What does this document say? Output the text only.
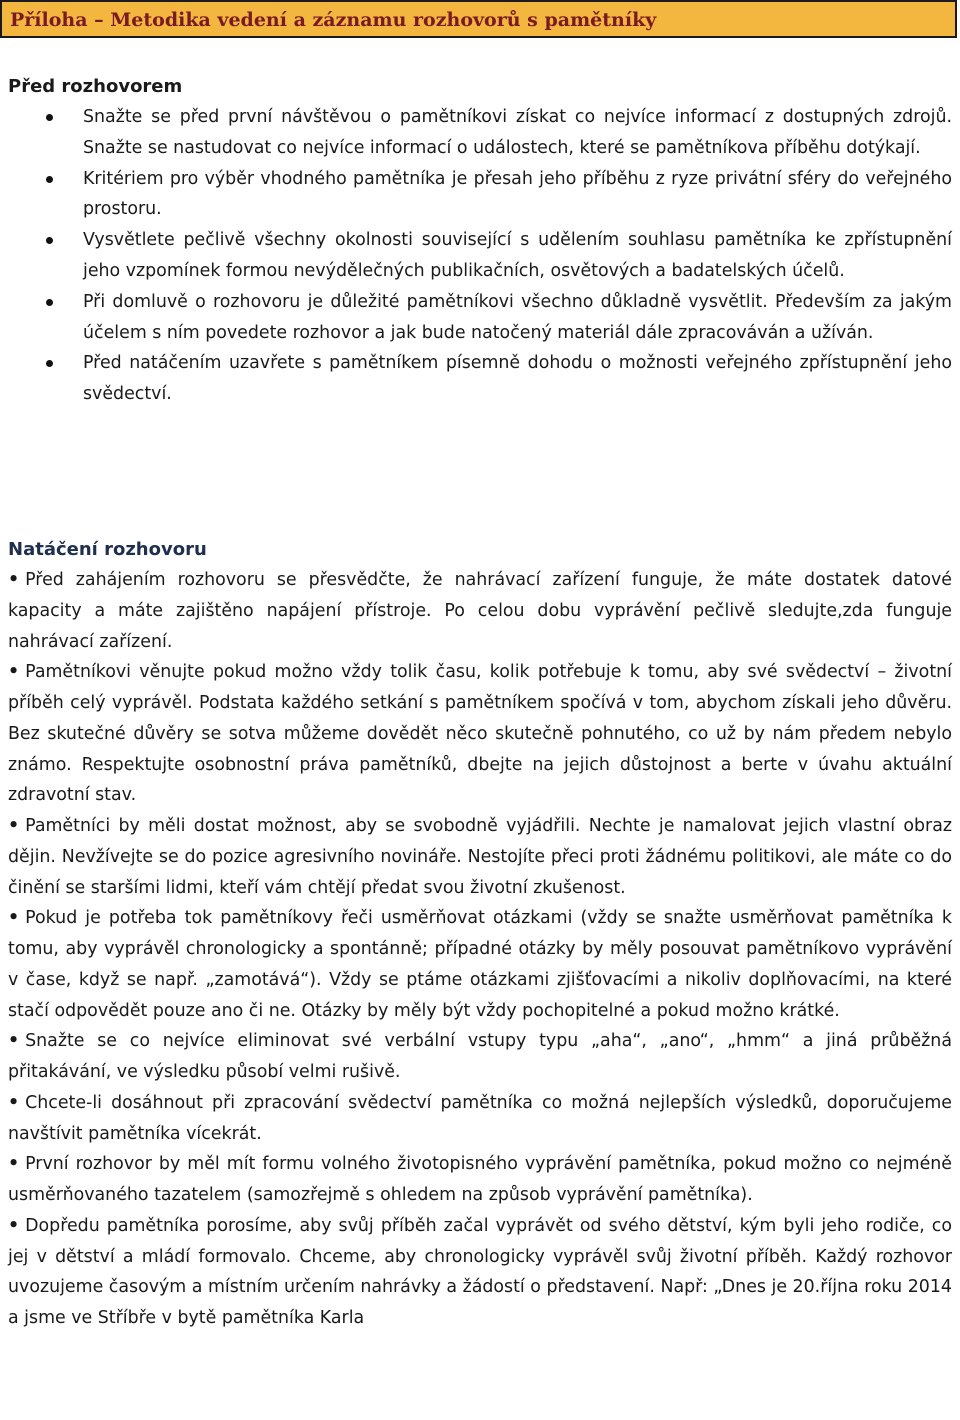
Příloha – Metodika vedení a záznamu rozhovorů s pamětníky
Před rozhovorem
Snažte se před první návštěvou o pamětníkovi získat co nejvíce informací z dostupných zdrojů. Snažte se nastudovat co nejvíce informací o událostech, které se pamětníkova příběhu dotýkají.
Kritériem pro výběr vhodného pamětníka je přesah jeho příběhu z ryze privátní sféry do veřejného prostoru.
Vysvětlete pečlivě všechny okolnosti související s udělením souhlasu pamětníka ke zpřístupnění jeho vzpomínek formou nevýdělečných publikačních, osvětových a badatelských účelů.
Při domluvě o rozhovoru je důležité pamětníkovi všechno důkladně vysvětlit. Především za jakým účelem s ním povedete rozhovor a jak bude natočený materiál dále zpracováván a užíván.
Před natáčením uzavřete s pamětníkem písemně dohodu o možnosti veřejného zpřístupnění jeho svědectví.
Natáčení rozhovoru
• Před zahájením rozhovoru se přesvědčte, že nahrávací zařízení funguje, že máte dostatek datové kapacity a máte zajištěno napájení přístroje. Po celou dobu vyprávění pečlivě sledujte,zda funguje nahrávací zařízení.
• Pamětníkovi věnujte pokud možno vždy tolik času, kolik potřebuje k tomu, aby své svědectví – životní příběh celý vyprávěl. Podstata každého setkání s pamětníkem spočívá v tom, abychom získali jeho důvěru. Bez skutečné důvěry se sotva můžeme dovědět něco skutečně pohnutého, co už by nám předem nebylo známo. Respektujte osobnostní práva pamětníků, dbejte na jejich důstojnost a berte v úvahu aktuální zdravotní stav.
• Pamětníci by měli dostat možnost, aby se svobodně vyjádřili. Nechte je namalovat jejich vlastní obraz dějin. Nevžívejte se do pozice agresivního novináře. Nestojíte přeci proti žádnému politikovi, ale máte co do činění se staršími lidmi, kteří vám chtějí předat svou životní zkušenost.
• Pokud je potřeba tok pamětníkovy řeči usměrňovat otázkami (vždy se snažte usměrňovat pamětníka k tomu, aby vyprávěl chronologicky a spontánně; případné otázky by měly posouvat pamětníkovo vyprávění v čase, když se např. „zamotává“). Vždy se ptáme otázkami zjišťovacími a nikoliv doplňovacími, na které stačí odpovědět pouze ano či ne. Otázky by měly být vždy pochopitelné a pokud možno krátké.
• Snažte se co nejvíce eliminovat své verbální vstupy typu „aha“, „ano“, „hmm“ a jiná průběžná přitakávání, ve výsledku působí velmi rušivě.
• Chcete-li dosáhnout při zpracování svědectví pamětníka co možná nejlepších výsledků, doporučujeme navštívit pamětníka vícekrát.
• První rozhovor by měl mít formu volného životopisného vyprávění pamětníka, pokud možno co nejméně usměrňovaného tazatelem (samozřejmě s ohledem na způsob vyprávění pamětníka).
• Dopředu pamětníka porosíme, aby svůj příběh začal vyprávět od svého dětství, kým byli jeho rodiče, co jej v dětství a mládí formovalo. Chceme, aby chronologicky vyprávěl svůj životní příběh. Každý rozhovor uvozujeme časovým a místním určením nahrávky a žádostí o představení. Např: „Dnes je 20.října roku 2014 a jsme ve Stříbře v bytě pamětníka Karla
